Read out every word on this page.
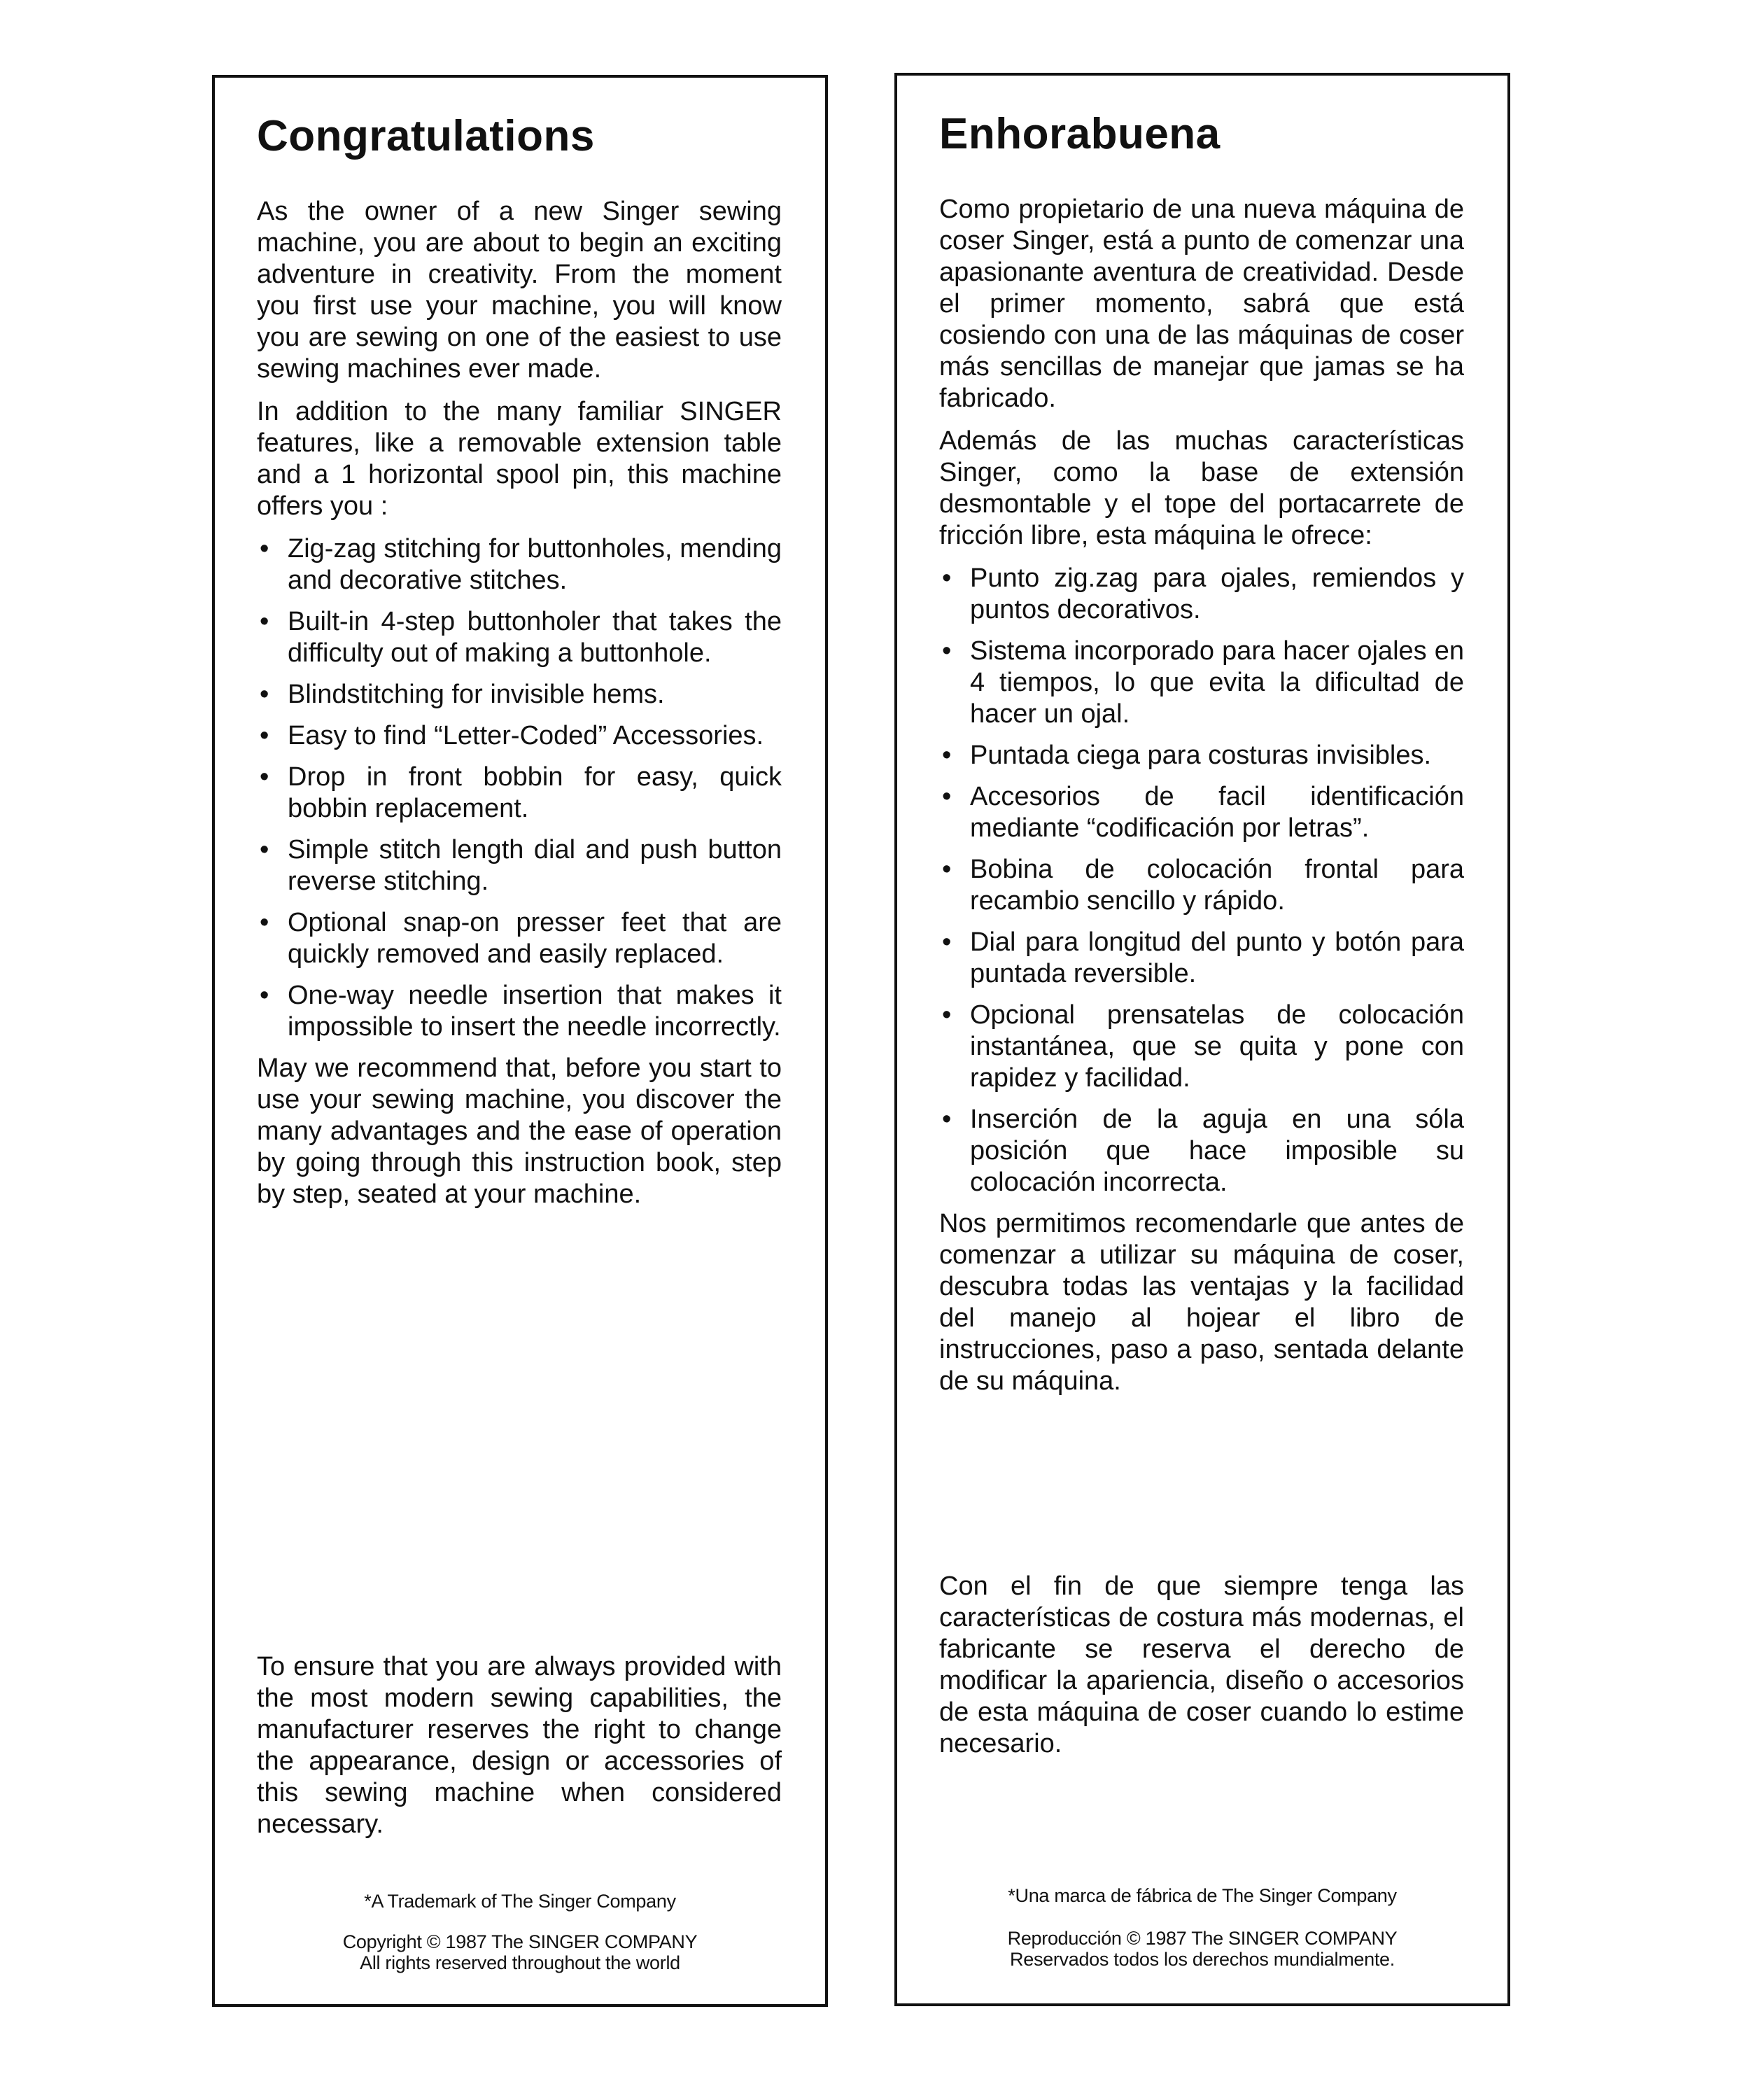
Congratulations

As the owner of a new Singer sewing machine, you are about to begin an exciting adventure in creativity. From the moment you first use your machine, you will know you are sewing on one of the easiest to use sewing machines ever made.

In addition to the many familiar SINGER features, like a removable extension table and a 1 horizontal spool pin, this machine offers you :

• Zig-zag stitching for buttonholes, mending and decorative stitches.
• Built-in 4-step buttonholer that takes the difficulty out of making a buttonhole.
• Blindstitching for invisible hems.
• Easy to find “Letter-Coded” Accessories.
• Drop in front bobbin for easy, quick bobbin replacement.
• Simple stitch length dial and push button reverse stitching.
• Optional snap-on presser feet that are quickly removed and easily replaced.
• One-way needle insertion that makes it impossible to insert the needle incorrectly.

May we recommend that, before you start to use your sewing machine, you discover the many advantages and the ease of operation by going through this instruction book, step by step, seated at your machine.

To ensure that you are always provided with the most modern sewing capabilities, the manufacturer reserves the right to change the appearance, design or accessories of this sewing machine when considered necessary.

*A Trademark of The Singer Company
Copyright © 1987 The SINGER COMPANY
All rights reserved throughout the world
Enhorabuena

Como propietario de una nueva máquina de coser Singer, está a punto de comenzar una apasionante aventura de creatividad. Desde el primer momento, sabrá que está cosiendo con una de las máquinas de coser más sencillas de manejar que jamas se ha fabricado.

Además de las muchas características Singer, como la base de extensión desmontable y el tope del portacarrete de fricción libre, esta máquina le ofrece:

• Punto zig.zag para ojales, remiendos y puntos decorativos.
• Sistema incorporado para hacer ojales en 4 tiempos, lo que evita la dificultad de hacer un ojal.
• Puntada ciega para costuras invisibles.
• Accesorios de facil identificación mediante “codificación por letras”.
• Bobina de colocación frontal para recambio sencillo y rápido.
• Dial para longitud del punto y botón para puntada reversible.
• Opcional prensatelas de colocación instantánea, que se quita y pone con rapidez y facilidad.
• Inserción de la aguja en una sóla posición que hace imposible su colocación incorrecta.

Nos permitimos recomendarle que antes de comenzar a utilizar su máquina de coser, descubra todas las ventajas y la facilidad del manejo al hojear el libro de instrucciones, paso a paso, sentada delante de su máquina.

Con el fin de que siempre tenga las características de costura más modernas, el fabricante se reserva el derecho de modificar la apariencia, diseño o accesorios de esta máquina de coser cuando lo estime necesario.

*Una marca de fábrica de The Singer Company
Reproducción © 1987 The SINGER COMPANY
Reservados todos los derechos mundialmente.
